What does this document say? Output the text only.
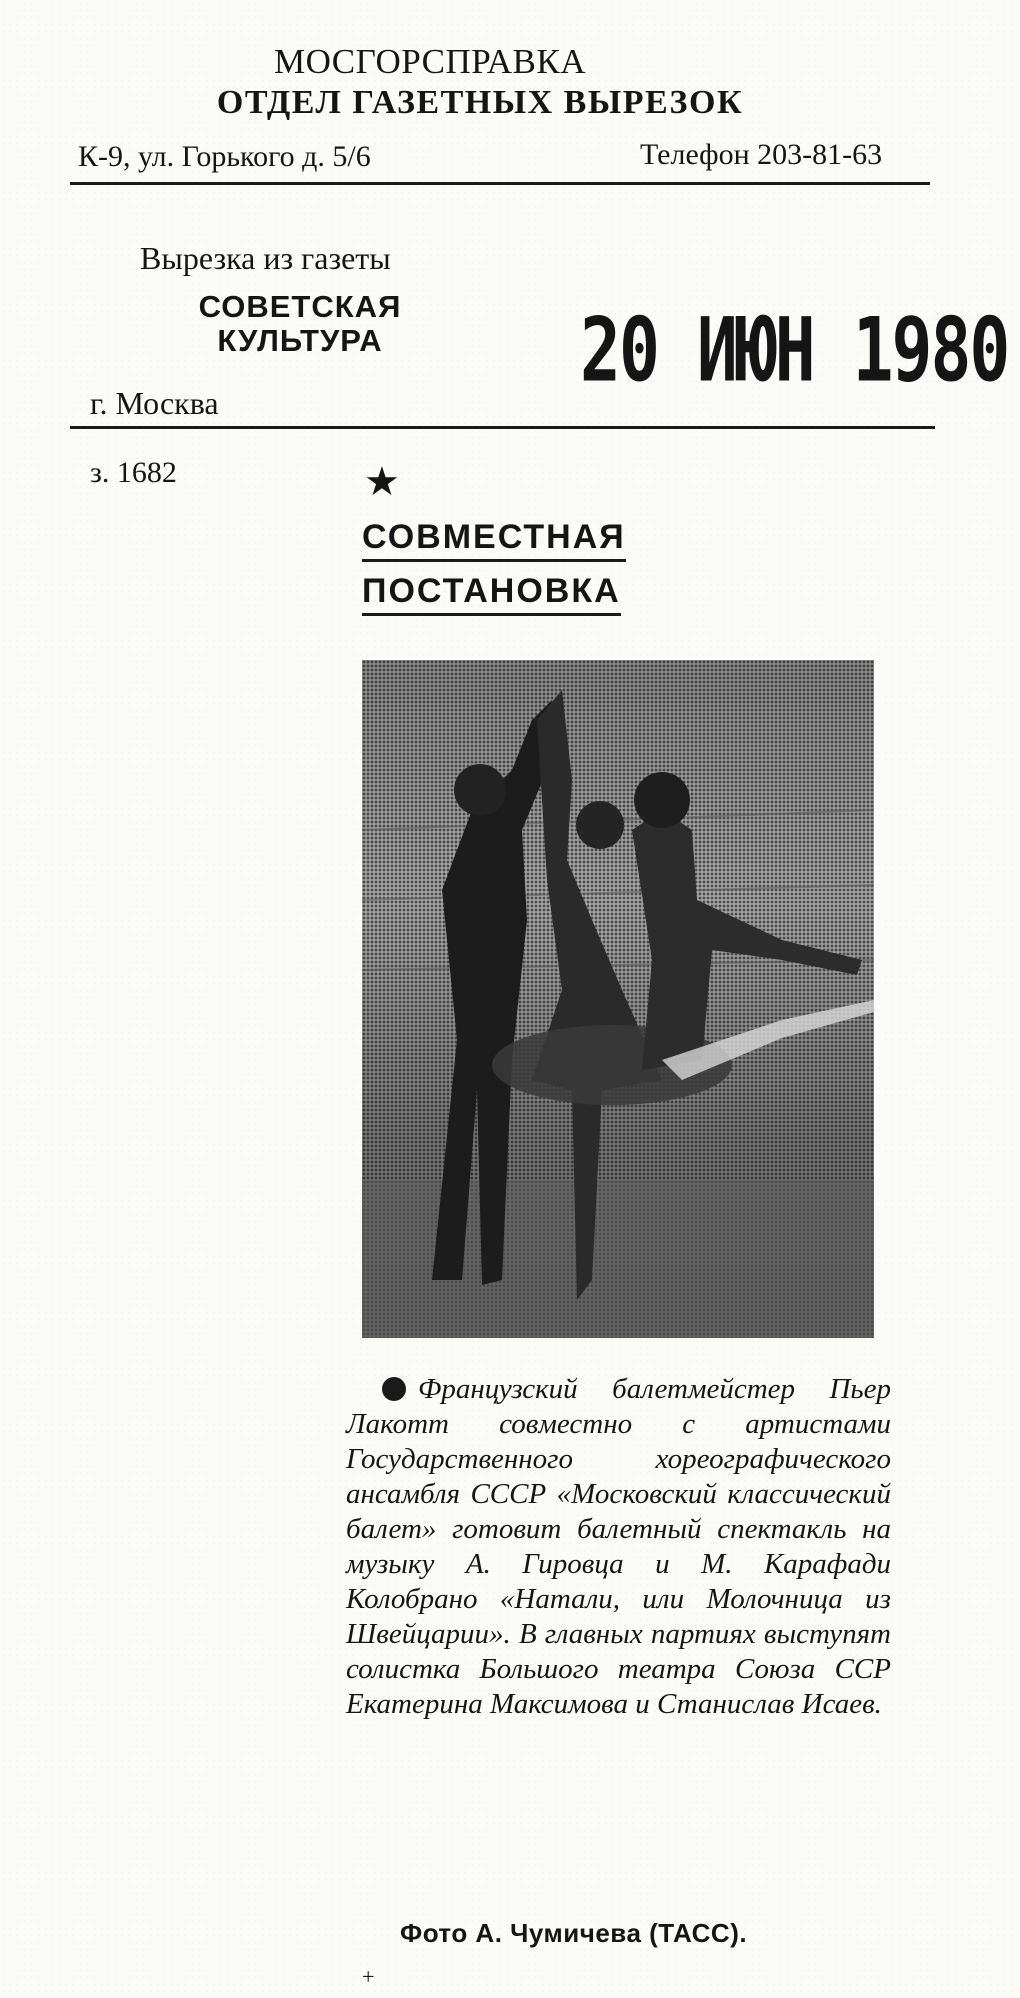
МОСГОРСПРАВКА
ОТДЕЛ ГАЗЕТНЫХ ВЫРЕЗОК
К-9, ул. Горького д. 5/6	Телефон 203-81-63
Вырезка из газеты
СОВЕТСКАЯ
КУЛЬТУРА	20 ИЮН 1980
г. Москва
з. 1682	★
СОВМЕСТНАЯ
ПОСТАНОВКА
Французский балетмейстер Пьер Лакотт совместно с артистами Государственного хореографического ансамбля СССР «Московский классический балет» готовит балетный спектакль на музыку А. Гировца и М. Карафади Колобрано «Натали, или Молочница из Швейцарии». В главных партиях выступят солистка Большого театра Союза ССР Екатерина Максимова и Станислав Исаев.
Фото А. Чумичева (ТАСС).
+
